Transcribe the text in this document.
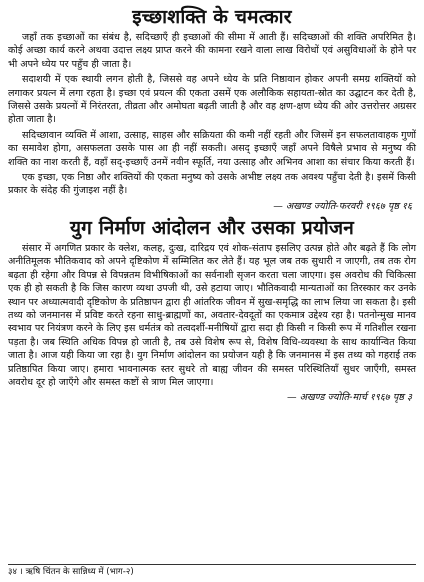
इच्छाशक्ति के चमत्कार

जहाँ तक इच्छाओं का संबंध है, सदिच्छाएँ ही इच्छाओं की सीमा में आती हैं। सदिच्छाओं की शक्ति अपरिमित है। कोई अच्छा कार्य करने अथवा उदात्त लक्ष्य प्राप्त करने की कामना रखने वाला लाख विरोधों एवं असुविधाओं के होने पर भी अपने ध्येय पर पहुँच ही जाता है।

सदाशयी में एक स्थायी लगन होती है, जिससे वह अपने ध्येय के प्रति निष्ठावान होकर अपनी समग्र शक्तियों को लगाकर प्रयत्न में लगा रहता है। इच्छा एवं प्रयत्न की एकता उसमें एक अलौकिक सहायता-स्रोत का उद्घाटन कर देती है, जिससे उसके प्रयत्नों में निरंतरता, तीव्रता और अमोघता बढ़ती जाती है और वह क्षण-क्षण ध्येय की ओर उत्तरोत्तर अग्रसर होता जाता है।

सदिच्छावान व्यक्ति में आशा, उत्साह, साहस और सक्रियता की कमी नहीं रहती और जिसमें इन सफलतावाहक गुणों का समावेश होगा, असफलता उसके पास आ ही नहीं सकती। असद् इच्छाएँ जहाँ अपने विषैले प्रभाव से मनुष्य की शक्ति का नाश करती हैं, वहाँ सद्-इच्छाएँ उनमें नवीन स्फूर्ति, नया उत्साह और अभिनव आशा का संचार किया करती हैं।

एक इच्छा, एक निष्ठा और शक्तियों की एकता मनुष्य को उसके अभीष्ट लक्ष्य तक अवश्य पहुँचा देती है। इसमें किसी प्रकार के संदेह की गुंजाइश नहीं है।

— अखण्ड ज्योति-फरवरी १९६७ पृष्ठ १६
युग निर्माण आंदोलन और उसका प्रयोजन

संसार में अगणित प्रकार के क्लेश, कलह, दुःख, दारिद्रय एवं शोक-संताप इसलिए उत्पन्न होते और बढ़ते हैं कि लोग अनीतिमूलक भौतिकवाद को अपने दृष्टिकोण में सम्मिलित कर लेते हैं। यह भूल जब तक सुधारी न जाएगी, तब तक रोग बढ़ता ही रहेगा और विपन्न से विपन्नतम विभीषिकाओं का सर्वनाशी सृजन करता चला जाएगा। इस अवरोध की चिकित्सा एक ही हो सकती है कि जिस कारण व्यथा उपजी थी, उसे हटाया जाए। भौतिकवादी मान्यताओं का तिरस्कार कर उनके स्थान पर अध्यात्मवादी दृष्टिकोण के प्रतिष्ठापन द्वारा ही आंतरिक जीवन में सुख-समृद्धि का लाभ लिया जा सकता है। इसी तथ्य को जनमानस में प्रविष्ट करते रहना साधु-ब्राह्मणों का, अवतार-देवदूतों का एकमात्र उद्देश्य रहा है। पतनोन्मुख मानव स्वभाव पर नियंत्रण करने के लिए इस धर्मतंत्र को तत्वदर्शी-मनीषियों द्वारा सदा ही किसी न किसी रूप में गतिशील रखना पड़ता है। जब स्थिति अधिक विपन्न हो जाती है, तब उसे विशेष रूप से, विशेष विधि-व्यवस्था के साथ कार्यान्वित किया जाता है। आज यही किया जा रहा है। युग निर्माण आंदोलन का प्रयोजन यही है कि जनमानस में इस तथ्य को गहराई तक प्रतिष्ठापित किया जाए। हमारा भावनात्मक स्तर सुधरे तो बाह्य जीवन की समस्त परिस्थितियाँ सुधर जाएँगी, समस्त अवरोध दूर हो जाएँगे और समस्त कष्टों से त्राण मिल जाएगा।

— अखण्ड ज्योति-मार्च १९६७ पृष्ठ ३
३४ । ऋषि चिंतन के सान्निध्य में (भाग-२)
